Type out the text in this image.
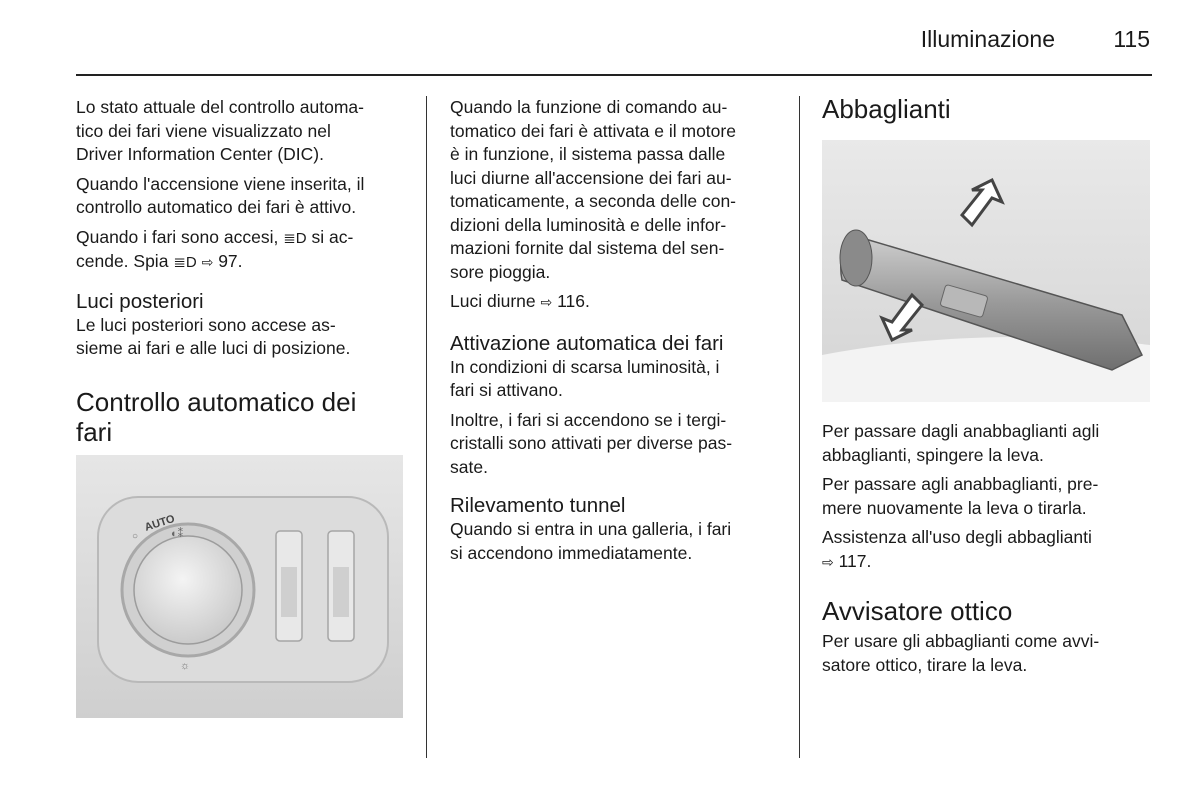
Illuminazione	115

Lo stato attuale del controllo automa-
tico dei fari viene visualizzato nel
Driver Information Center (DIC).

Quando l'accensione viene inserita, il
controllo automatico dei fari è attivo.

Quando i fari sono accesi, ≣D si ac-
cende. Spia ≣D ⇨ 97.

Luci posteriori

Le luci posteriori sono accese as-
sieme ai fari e alle luci di posizione.

Controllo automatico dei
fari
AUTO
◐⁑
☼
○

Quando la funzione di comando au-
tomatico dei fari è attivata e il motore
è in funzione, il sistema passa dalle
luci diurne all'accensione dei fari au-
tomaticamente, a seconda delle con-
dizioni della luminosità e delle infor-
mazioni fornite dal sistema del sen-
sore pioggia.

Luci diurne ⇨ 116.

Attivazione automatica dei fari

In condizioni di scarsa luminosità, i
fari si attivano.

Inoltre, i fari si accendono se i tergi-
cristalli sono attivati per diverse pas-
sate.

Rilevamento tunnel

Quando si entra in una galleria, i fari
si accendono immediatamente.

Abbaglianti

Per passare dagli anabbaglianti agli
abbaglianti, spingere la leva.

Per passare agli anabbaglianti, pre-
mere nuovamente la leva o tirarla.

Assistenza all'uso degli abbaglianti
⇨ 117.

Avvisatore ottico

Per usare gli abbaglianti come avvi-
satore ottico, tirare la leva.
